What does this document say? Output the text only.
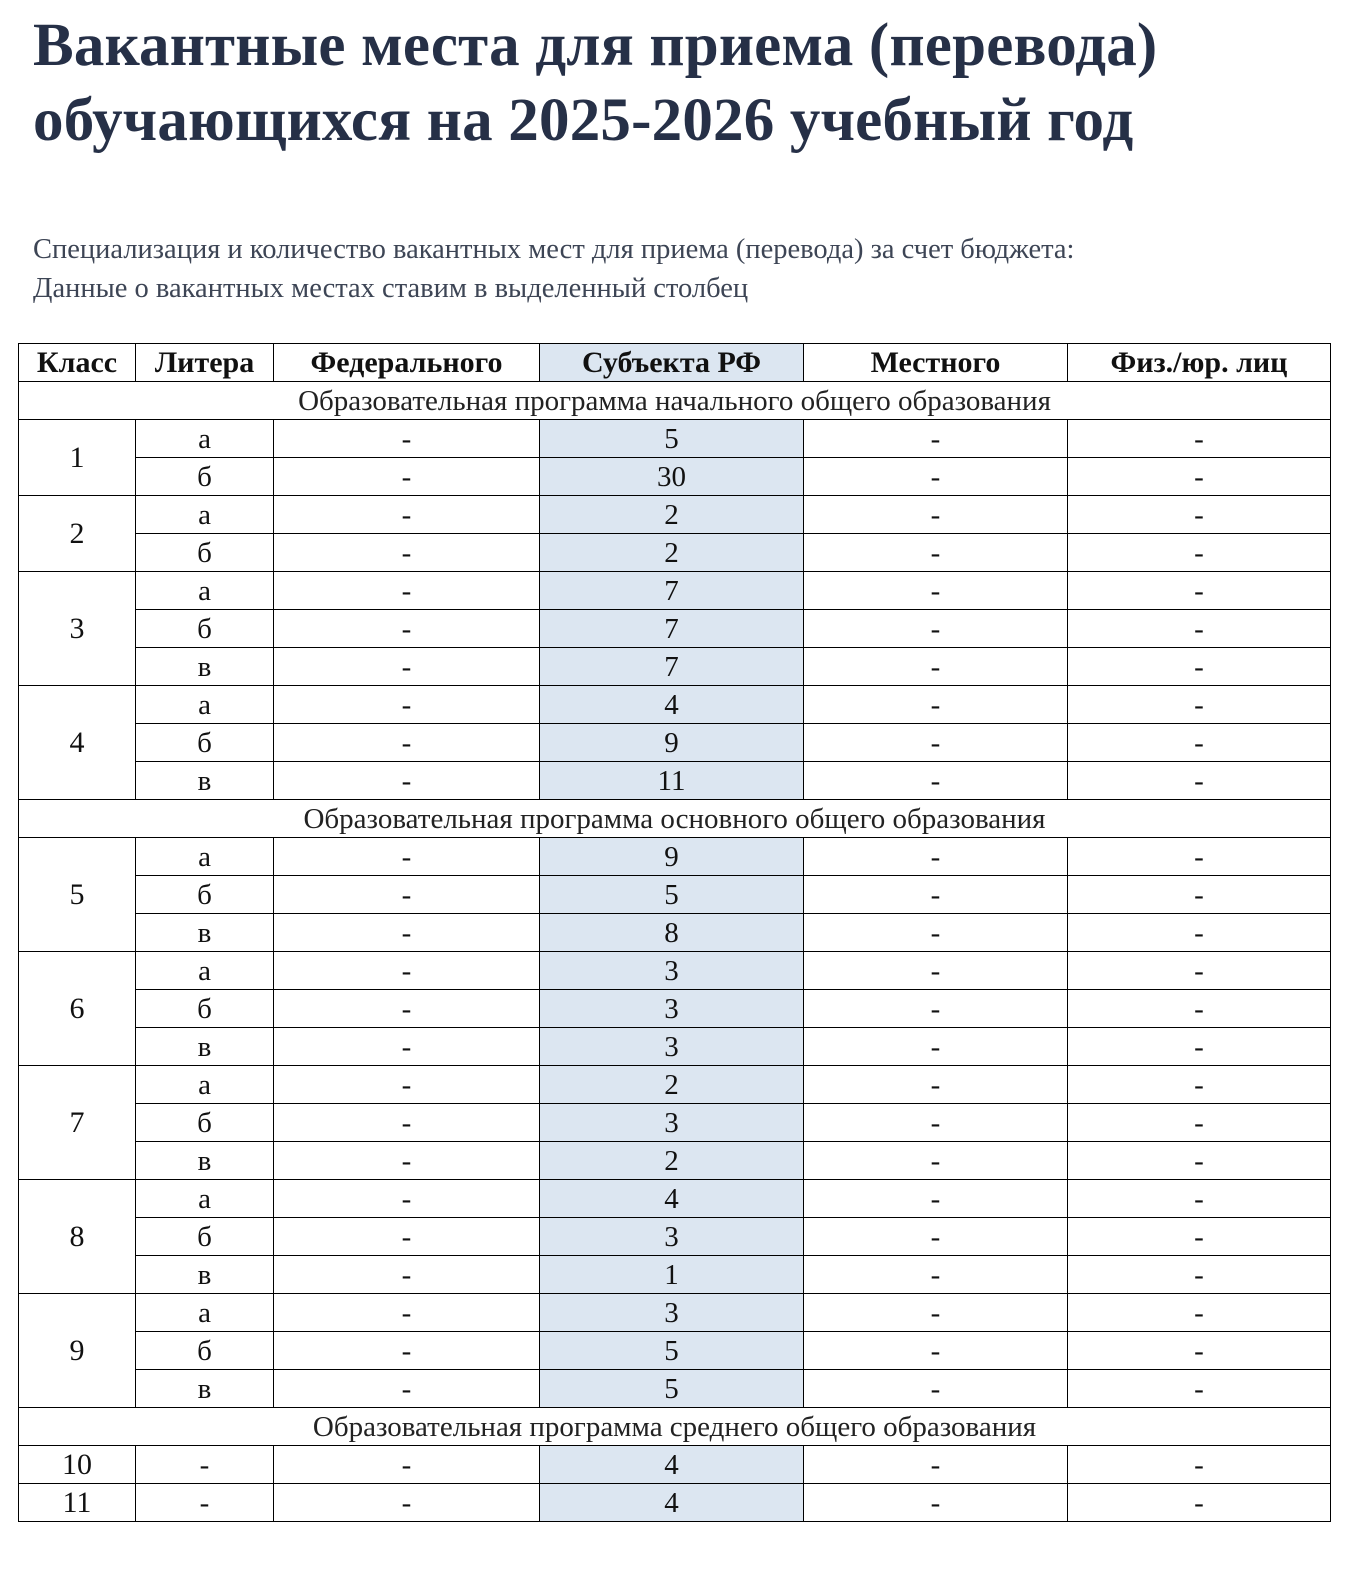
Вакантные места для приема (перевода)
обучающихся на 2025-2026 учебный год
Специализация и количество вакантных мест для приема (перевода) за счет бюджета:
Данные о вакантных местах ставим в выделенный столбец
Класс	Литера	Федерального	Субъекта РФ	Местного	Физ./юр. лиц
Образовательная программа начального общего образования					
1	а	-	5	-	-
	б	-	30	-	-
2	а	-	2	-	-
	б	-	2	-	-
3	а	-	7	-	-
	б	-	7	-	-
	в	-	7	-	-
4	а	-	4	-	-
	б	-	9	-	-
	в	-	11	-	-
Образовательная программа основного общего образования					
5	а	-	9	-	-
	б	-	5	-	-
	в	-	8	-	-
6	а	-	3	-	-
	б	-	3	-	-
	в	-	3	-	-
7	а	-	2	-	-
	б	-	3	-	-
	в	-	2	-	-
8	а	-	4	-	-
	б	-	3	-	-
	в	-	1	-	-
9	а	-	3	-	-
	б	-	5	-	-
	в	-	5	-	-
Образовательная программа среднего общего образования					
10	-	-	4	-	-
11	-	-	4	-	-
